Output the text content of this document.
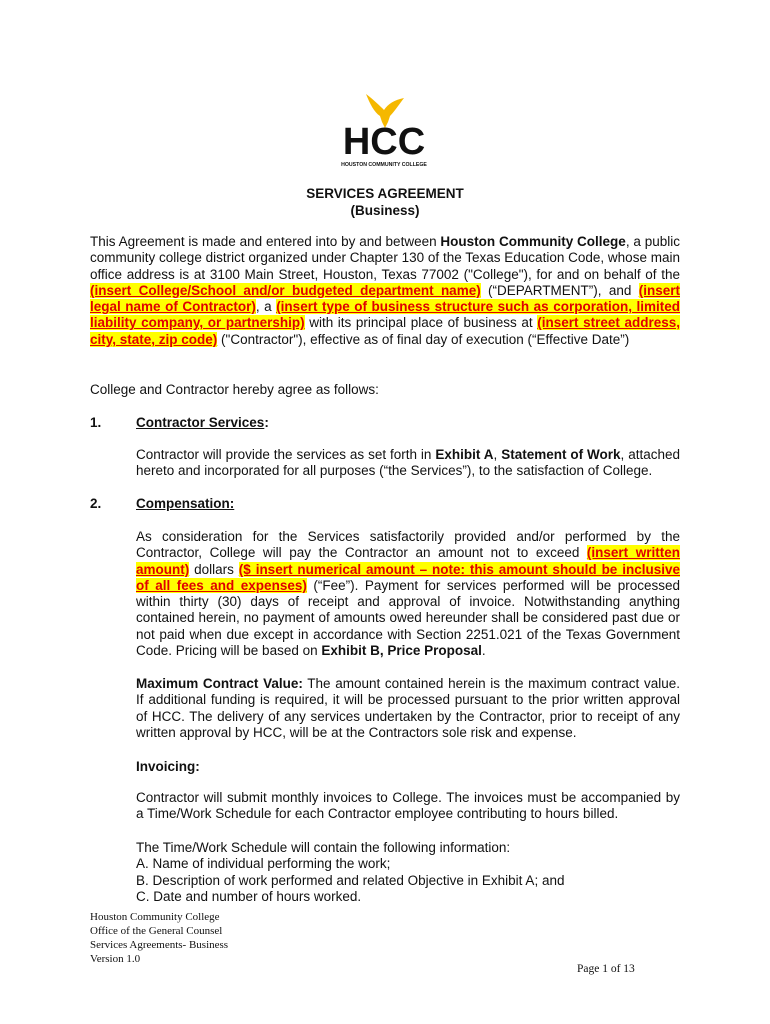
HCC
HOUSTON COMMUNITY COLLEGE
SERVICES AGREEMENT
(Business)
This Agreement is made and entered into by and between Houston Community College, a public community college district organized under Chapter 130 of the Texas Education Code, whose main office address is at 3100 Main Street, Houston, Texas 77002 ("College"), for and on behalf of the (insert College/School and/or budgeted department name) (“DEPARTMENT”), and (insert legal name of Contractor), a (insert type of business structure such as corporation, limited liability company, or partnership) with its principal place of business at (insert street address, city, state, zip code) ("Contractor"), effective as of final day of execution (“Effective Date”)
College and Contractor hereby agree as follows:
1.	Contractor Services:
Contractor will provide the services as set forth in Exhibit A, Statement of Work, attached hereto and incorporated for all purposes (“the Services”), to the satisfaction of College.
2.	Compensation:
As consideration for the Services satisfactorily provided and/or performed by the Contractor, College will pay the Contractor an amount not to exceed (insert written amount) dollars ($ insert numerical amount – note: this amount should be inclusive of all fees and expenses) (“Fee”). Payment for services performed will be processed within thirty (30) days of receipt and approval of invoice. Notwithstanding anything contained herein, no payment of amounts owed hereunder shall be considered past due or not paid when due except in accordance with Section 2251.021 of the Texas Government Code. Pricing will be based on Exhibit B, Price Proposal.
Maximum Contract Value: The amount contained herein is the maximum contract value. If additional funding is required, it will be processed pursuant to the prior written approval of HCC. The delivery of any services undertaken by the Contractor, prior to receipt of any written approval by HCC, will be at the Contractors sole risk and expense.
Invoicing:
Contractor will submit monthly invoices to College. The invoices must be accompanied by a Time/Work Schedule for each Contractor employee contributing to hours billed.
The Time/Work Schedule will contain the following information:
A. Name of individual performing the work;
B. Description of work performed and related Objective in Exhibit A; and
C. Date and number of hours worked.
Houston Community College
Office of the General Counsel
Services Agreements- Business
Version 1.0
Page 1 of 13
